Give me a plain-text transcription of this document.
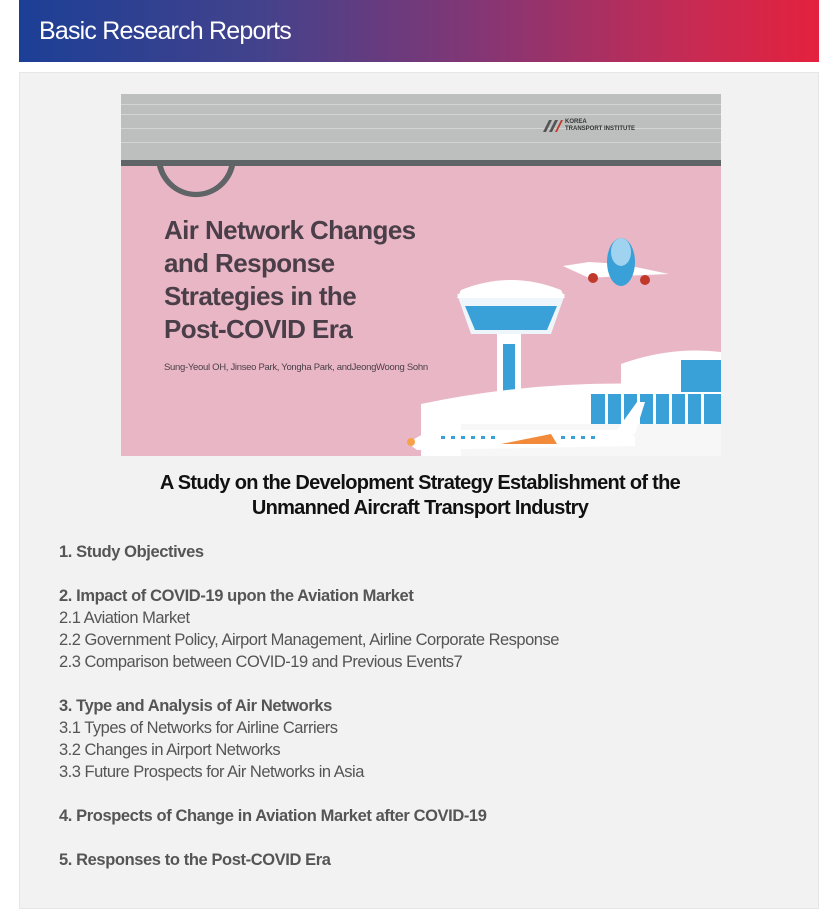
Basic Research Reports
KOREA
TRANSPORT INSTITUTE
Air Network Changes
and Response
Strategies in the
Post-COVID Era
Sung-Yeoul OH, Jinseo Park, Yongha Park, andJeongWoong Sohn
A Study on the Development Strategy Establishment of the
Unmanned Aircraft Transport Industry
1. Study Objectives
2. Impact of COVID-19 upon the Aviation Market
2.1 Aviation Market
2.2 Government Policy, Airport Management, Airline Corporate Response
2.3 Comparison between COVID-19 and Previous Events7
3. Type and Analysis of Air Networks
3.1 Types of Networks for Airline Carriers
3.2 Changes in Airport Networks
3.3 Future Prospects for Air Networks in Asia
4. Prospects of Change in Aviation Market after COVID-19
5. Responses to the Post-COVID Era
